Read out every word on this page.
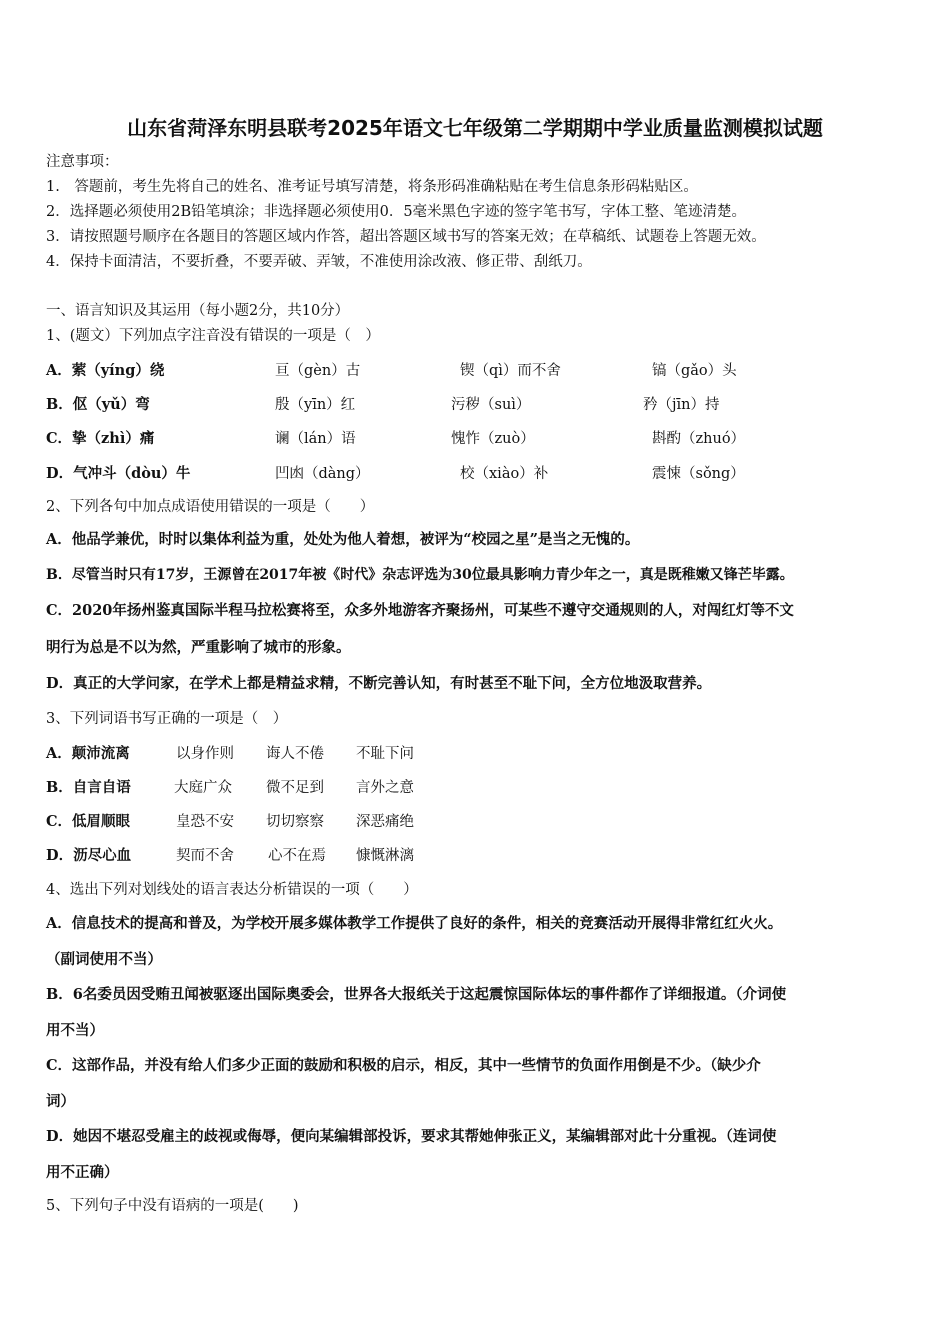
山东省菏泽东明县联考2025年语文七年级第二学期期中学业质量监测模拟试题
注意事项：
1.　答题前，考生先将自己的姓名、准考证号填写清楚，将条形码准确粘贴在考生信息条形码粘贴区。
2．选择题必须使用2B铅笔填涂；非选择题必须使用0．5毫米黑色字迹的签字笔书写，字体工整、笔迹清楚。
3．请按照题号顺序在各题目的答题区域内作答，超出答题区域书写的答案无效；在草稿纸、试题卷上答题无效。
4．保持卡面清洁，不要折叠，不要弄破、弄皱，不准使用涂改液、修正带、刮纸刀。
一、语言知识及其运用（每小题2分，共10分）
1、(题文）下列加点字注音没有错误的一项是（　）
A．萦（yíng）绕	亘（gèn）古	锲（qì）而不舍	镐（gǎo）头
B．伛（yǔ）弯	殷（yīn）红	污秽（suì）	矜（jīn）持
C．挚（zhì）痛	谰（lán）语	愧怍（zuò）	斟酌（zhuó）
D．气冲斗（dòu）牛	凹凼（dàng）	校（xiào）补	震悚（sǒng）
2、下列各句中加点成语使用错误的一项是（　　）
A．他品学兼优，时时以集体利益为重，处处为他人着想，被评为“校园之星”是当之无愧的。
B．尽管当时只有17岁，王源曾在2017年被《时代》杂志评选为30位最具影响力青少年之一，真是既稚嫩又锋芒毕露。
C．2020年扬州鉴真国际半程马拉松赛将至，众多外地游客齐聚扬州，可某些不遵守交通规则的人，对闯红灯等不文
明行为总是不以为然，严重影响了城市的形象。
D．真正的大学问家，在学术上都是精益求精，不断完善认知，有时甚至不耻下问，全方位地汲取营养。
3、下列词语书写正确的一项是（　）
A．颠沛流离	以身作则 诲人不倦 不耻下问
B．自言自语	大庭广众 微不足到 言外之意
C．低眉顺眼	皇恐不安 切切察察 深恶痛绝
D．沥尽心血	契而不舍 心不在焉 慷慨淋漓
4、选出下列对划线处的语言表达分析错误的一项（　　）
A．信息技术的提高和普及，为学校开展多媒体教学工作提供了良好的条件，相关的竞赛活动开展得非常红红火火。
（副词使用不当）
B．6名委员因受贿丑闻被驱逐出国际奥委会，世界各大报纸关于这起震惊国际体坛的事件都作了详细报道。（介词使
用不当）
C．这部作品，并没有给人们多少正面的鼓励和积极的启示，相反，其中一些情节的负面作用倒是不少。（缺少介
词）
D．她因不堪忍受雇主的歧视或侮辱，便向某编辑部投诉，要求其帮她伸张正义，某编辑部对此十分重视。（连词使
用不正确）
5、下列句子中没有语病的一项是(　　)
